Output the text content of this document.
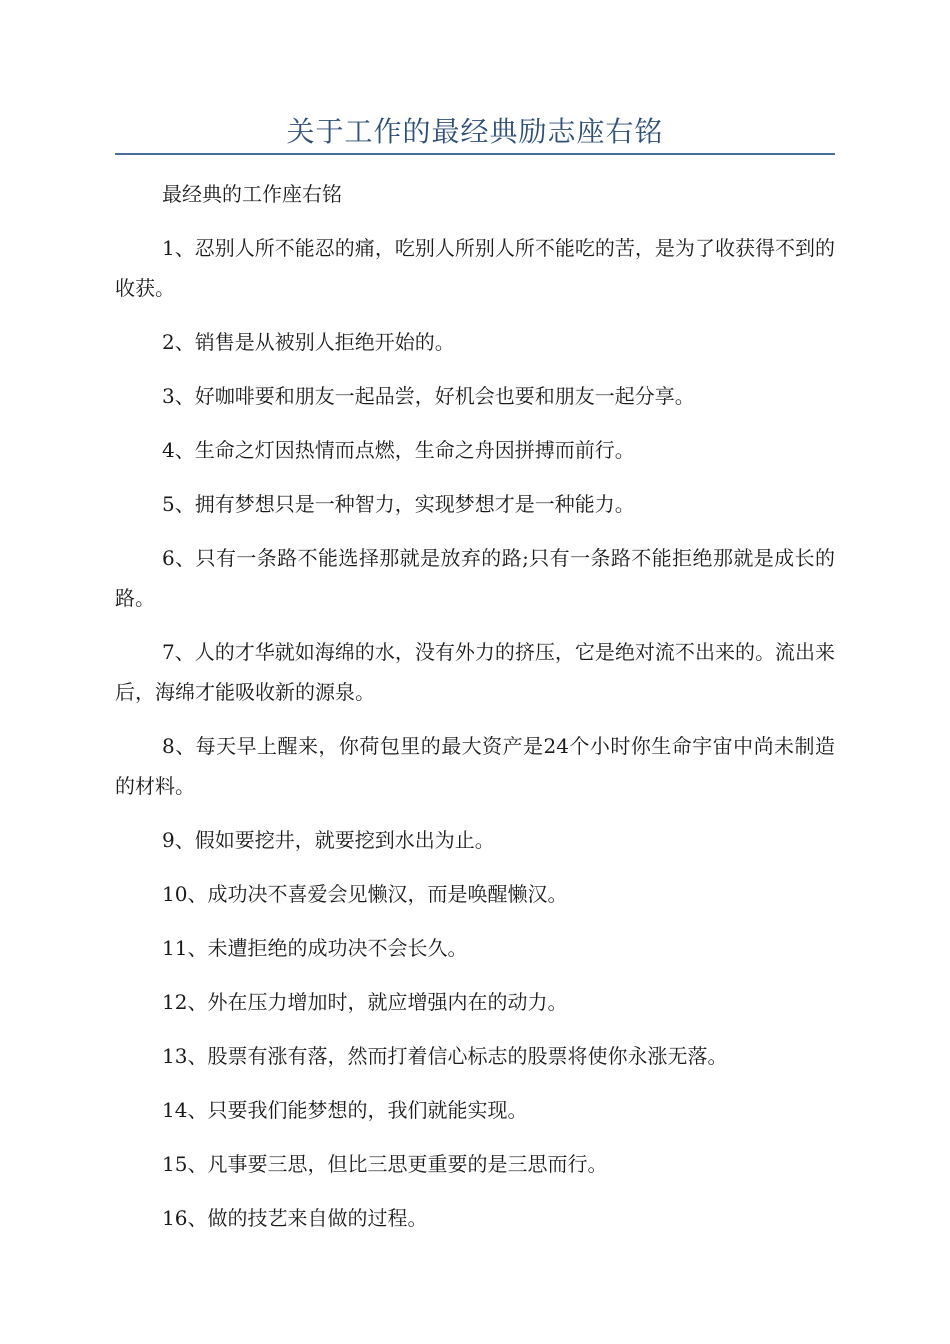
关于工作的最经典励志座右铭

最经典的工作座右铭

1、忍别人所不能忍的痛，吃别人所别人所不能吃的苦，是为了收获得不到的收获。

2、销售是从被别人拒绝开始的。

3、好咖啡要和朋友一起品尝，好机会也要和朋友一起分享。

4、生命之灯因热情而点燃，生命之舟因拼搏而前行。

5、拥有梦想只是一种智力，实现梦想才是一种能力。

6、只有一条路不能选择那就是放弃的路;只有一条路不能拒绝那就是成长的路。

7、人的才华就如海绵的水，没有外力的挤压，它是绝对流不出来的。流出来后，海绵才能吸收新的源泉。

8、每天早上醒来，你荷包里的最大资产是24个小时你生命宇宙中尚未制造的材料。

9、假如要挖井，就要挖到水出为止。

10、成功决不喜爱会见懒汉，而是唤醒懒汉。

11、未遭拒绝的成功决不会长久。

12、外在压力增加时，就应增强内在的动力。

13、股票有涨有落，然而打着信心标志的股票将使你永涨无落。

14、只要我们能梦想的，我们就能实现。

15、凡事要三思，但比三思更重要的是三思而行。

16、做的技艺来自做的过程。
